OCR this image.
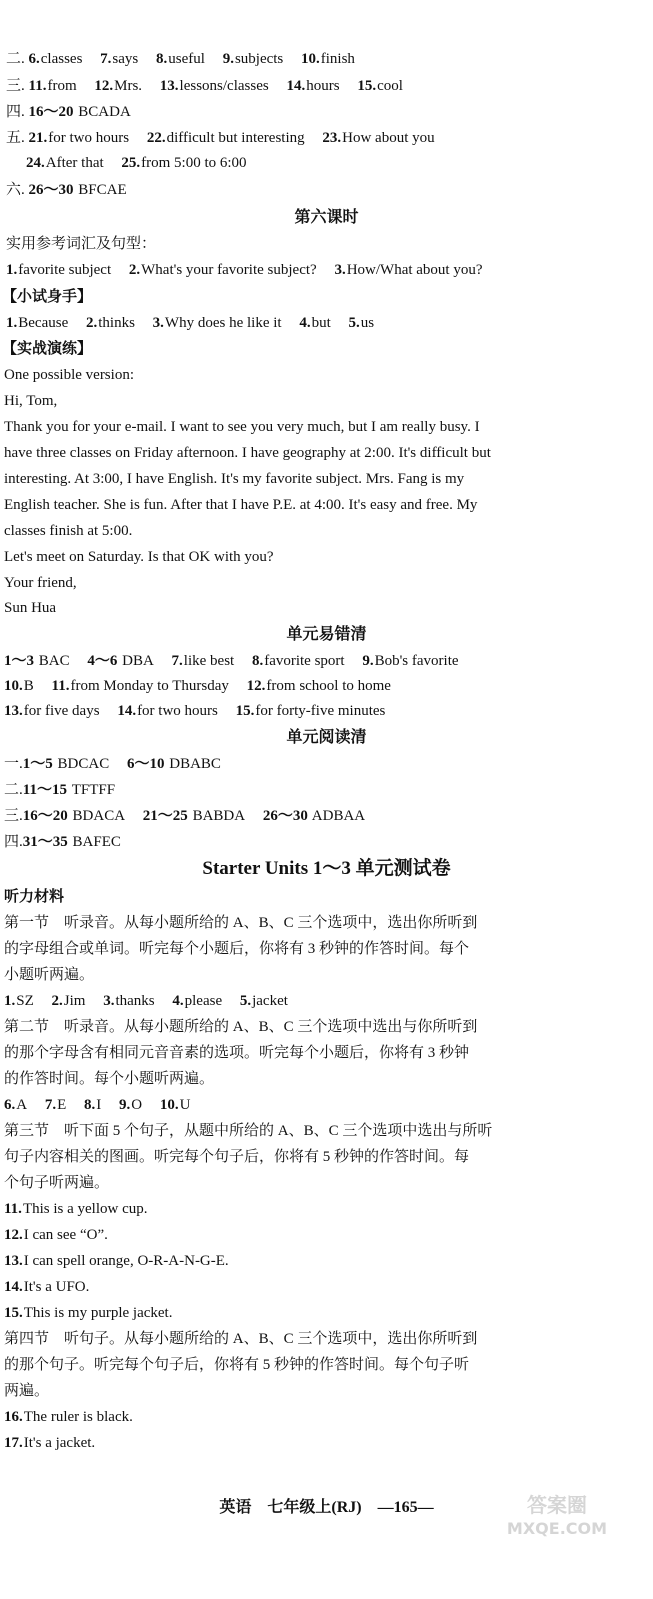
二. 6.classes 7.says 8.useful 9.subjects 10.finish
三. 11.from 12.Mrs. 13.lessons/classes 14.hours 15.cool
四. 16～20 BCADA
五. 21.for two hours 22.difficult but interesting 23.How about you
24.After that 25.from 5:00 to 6:00
六. 26～30 BFCAE
第六课时
实用参考词汇及句型：
1.favorite subject 2.What's your favorite subject? 3.How/What about you?
【小试身手】
1.Because 2.thinks 3.Why does he like it 4.but 5.us
【实战演练】
One possible version:
Hi, Tom,
Thank you for your e-mail. I want to see you very much, but I am really busy. I
have three classes on Friday afternoon. I have geography at 2:00. It's difficult but
interesting. At 3:00, I have English. It's my favorite subject. Mrs. Fang is my
English teacher. She is fun. After that I have P.E. at 4:00. It's easy and free. My
classes finish at 5:00.
Let's meet on Saturday. Is that OK with you?
Your friend,
Sun Hua
单元易错清
1～3 BAC 4～6 DBA 7.like best 8.favorite sport 9.Bob's favorite
10.B 11.from Monday to Thursday 12.from school to home
13.for five days 14.for two hours 15.for forty-five minutes
单元阅读清
一.1～5 BDCAC 6～10 DBABC
二.11～15 TFTFF
三.16～20 BDACA 21～25 BABDA 26～30 ADBAA
四.31～35 BAFEC
Starter Units 1～3 单元测试卷
听力材料
第一节　听录音。从每小题所给的 A、B、C 三个选项中，选出你所听到
的字母组合或单词。听完每个小题后，你将有 3 秒钟的作答时间。每个
小题听两遍。
1.SZ 2.Jim 3.thanks 4.please 5.jacket
第二节　听录音。从每小题所给的 A、B、C 三个选项中选出与你所听到
的那个字母含有相同元音音素的选项。听完每个小题后，你将有 3 秒钟
的作答时间。每个小题听两遍。
6.A 7.E 8.I 9.O 10.U
第三节　听下面 5 个句子，从题中所给的 A、B、C 三个选项中选出与所听
句子内容相关的图画。听完每个句子后，你将有 5 秒钟的作答时间。每
个句子听两遍。
11.This is a yellow cup.
12.I can see “O”.
13.I can spell orange, O-R-A-N-G-E.
14.It's a UFO.
15.This is my purple jacket.
第四节　听句子。从每小题所给的 A、B、C 三个选项中，选出你所听到
的那个句子。听完每个句子后，你将有 5 秒钟的作答时间。每个句子听
两遍。
16.The ruler is black.
17.It's a jacket.
英语 七年级上(RJ) —165—	答案圈
MXQE.COM
